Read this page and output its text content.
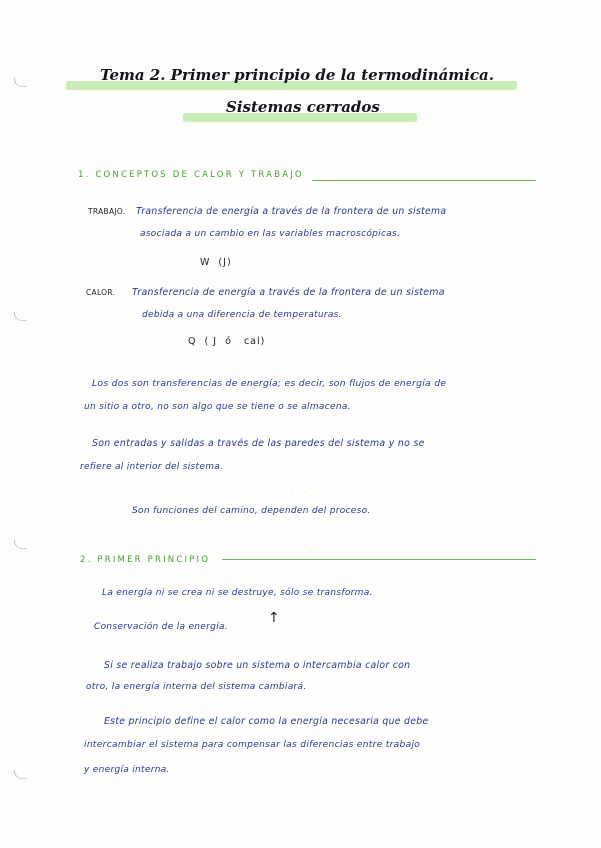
Tema 2. Primer principio de la termodinámica.
Sistemas cerrados
1. CONCEPTOS DE CALOR Y TRABAJO
TRABAJO. Transferencia de energía a través de la frontera de un sistema
asociada a un cambio en las variables macroscópicas.
W  (J)
CALOR. Transferencia de energía a través de la frontera de un sistema
debida a una diferencia de temperaturas.
Q  ( J  ó   cal)
Los dos son transferencias de energía; es decir, son flujos de energía de
un sitio a otro, no son algo que se tiene o se almacena.
Son entradas y salidas a través de las paredes del sistema y no se
refiere al interior del sistema.
Son funciones del camino, dependen del proceso.
··
··
2. PRIMER PRINCIPIO
La energía ni se crea ni se destruye, sólo se transforma.
Conservación de la energía.
↑
Si se realiza trabajo sobre un sistema o intercambia calor con
otro, la energía interna del sistema cambiará.
Este principio define el calor como la energía necesaria que debe
intercambiar el sistema para compensar las diferencias entre trabajo
y energía interna.
